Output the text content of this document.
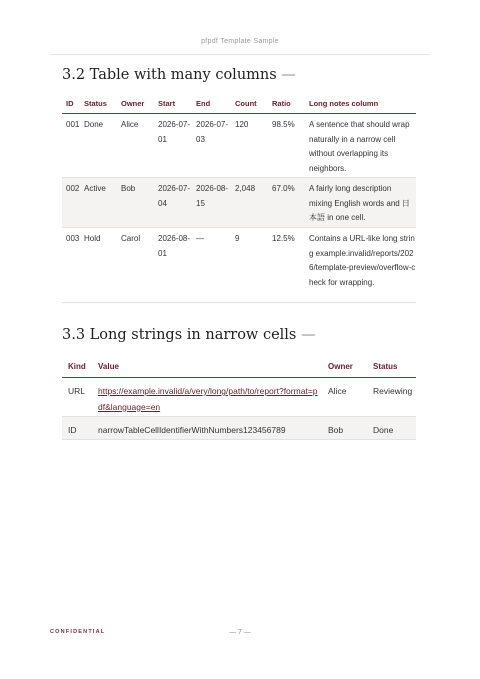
pfpdf Template Sample
3.2 Table with many columns —
ID	Status	Owner	Start	End	Count	Ratio	Long notes column
001	Done	Alice	2026-07-01	2026-07-03	120	98.5%	A sentence that should wrap naturally in a narrow cell without overlapping its neighbors.
002	Active	Bob	2026-07-04	2026-08-15	2,048	67.0%	A fairly long description mixing English words and 日本語 in one cell.
003	Hold	Carol	2026-08-01	—	9	12.5%	Contains a URL-like long string example.invalid/reports/2026/template-preview/overflow-check for wrapping.
3.3 Long strings in narrow cells —
Kind	Value	Owner	Status
URL	https://example.invalid/a/very/long/path/to/report?format=pdf&language=en	Alice	Reviewing
ID	narrowTableCellIdentifierWithNumbers123456789	Bob	Done
CONFIDENTIAL	— 7 —
